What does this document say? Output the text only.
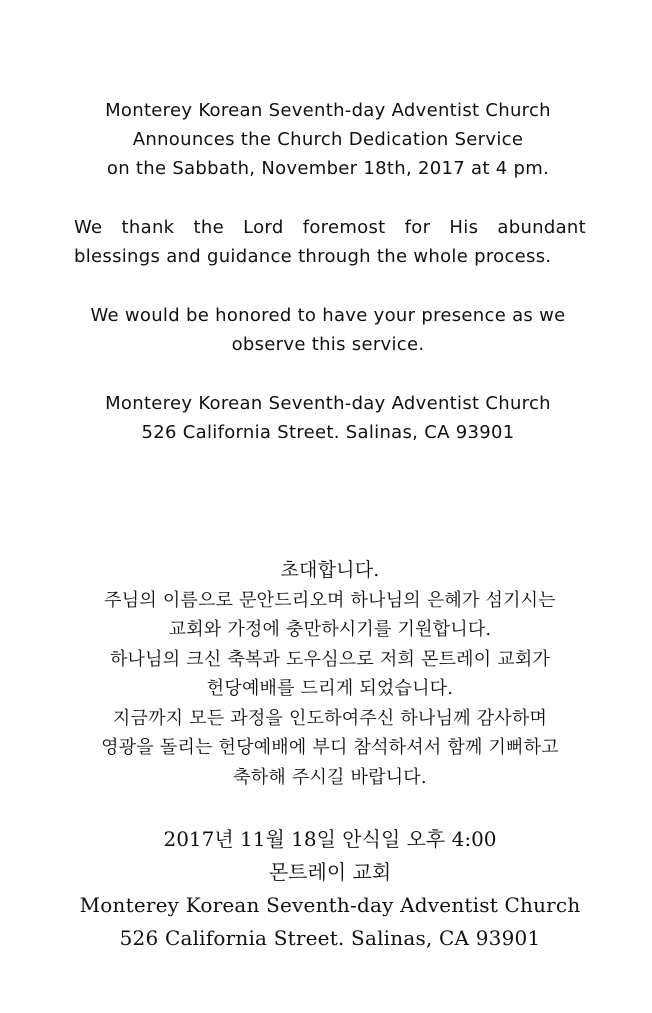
Monterey Korean Seventh-day Adventist Church
Announces the Church Dedication Service
on the Sabbath, November 18th, 2017 at 4 pm.
We thank the Lord foremost for His abundant blessings and guidance through the whole process.
We would be honored to have your presence as we
observe this service.
Monterey Korean Seventh-day Adventist Church
526 California Street. Salinas, CA 93901
초대합니다.
주님의 이름으로 문안드리오며 하나님의 은혜가 섬기시는
교회와 가정에 충만하시기를 기원합니다.
하나님의 크신 축복과 도우심으로 저희 몬트레이 교회가
헌당예배를 드리게 되었습니다.
지금까지 모든 과정을 인도하여주신 하나님께 감사하며
영광을 돌리는 헌당예배에 부디 참석하셔서 함께 기뻐하고
축하해 주시길 바랍니다.
2017년 11월 18일 안식일 오후 4:00
몬트레이 교회
Monterey Korean Seventh-day Adventist Church
526 California Street. Salinas, CA 93901
